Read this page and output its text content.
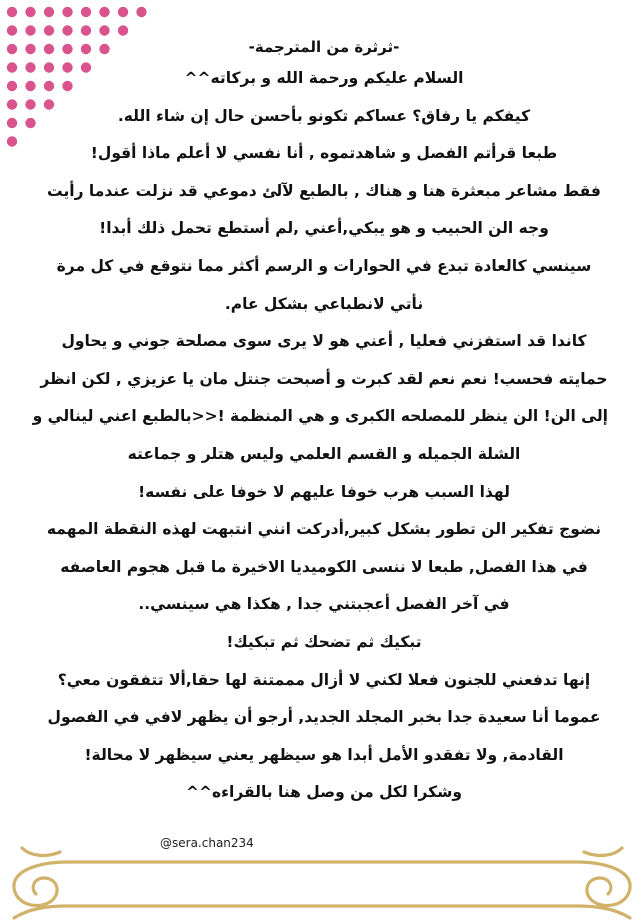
-ثرثرة من المترجمة-

السلام عليكم ورحمة الله و بركاته^^

كيفكم يا رفاق؟ عساكم تكونو بأحسن حال إن شاء الله.

طبعا قرأتم الفصل و شاهدتموه , أنا نفسي لا أعلم ماذا أقول!

فقط مشاعر مبعثرة هنا و هناك , بالطبع لآلئ دموعي قد نزلت عندما رأيت

وجه الن الحبيب و هو يبكي,أعني ,لم أستطع تحمل ذلك أبدا!

سينسي كالعادة تبدع في الحوارات و الرسم أكثر مما نتوقع في كل مرة

نأتي لانطباعي بشكل عام.

كاندا قد استفزني فعليا , أعني هو لا يرى سوى مصلحة جوني و يحاول

حمايته فحسب! نعم نعم لقد كبرت و أصبحت جنتل مان يا عزيزي , لكن انظر

إلى الن! الن ينظر للمصلحه الكبرى و هي المنظمة !<<بالطبع اعني لينالي و

الشلة الجميله و القسم العلمي وليس هتلر و جماعته

لهذا السبب هرب خوفا عليهم لا خوفا على نفسه!

نضوج تفكير الن تطور بشكل كبير,أدركت انني انتبهت لهذه النقطة المهمه

في هذا الفصل, طبعا لا ننسى الكوميديا الاخيرة ما قبل هجوم العاصفه

في آخر الفصل أعجبتني جدا , هكذا هي سينسي..

تبكيك ثم تضحك ثم تبكيك!

إنها تدفعني للجنون فعلا لكني لا أزال مممتنة لها حقا,ألا تتفقون معي؟

عموما أنا سعيدة جدا بخبر المجلد الجديد, أرجو أن يظهر لافي في الفصول

القادمة, ولا تفقدو الأمل أبدا هو سيظهر يعني سيظهر لا محالة!

وشكرا لكل من وصل هنا بالقراءه^^

@sera.chan234
